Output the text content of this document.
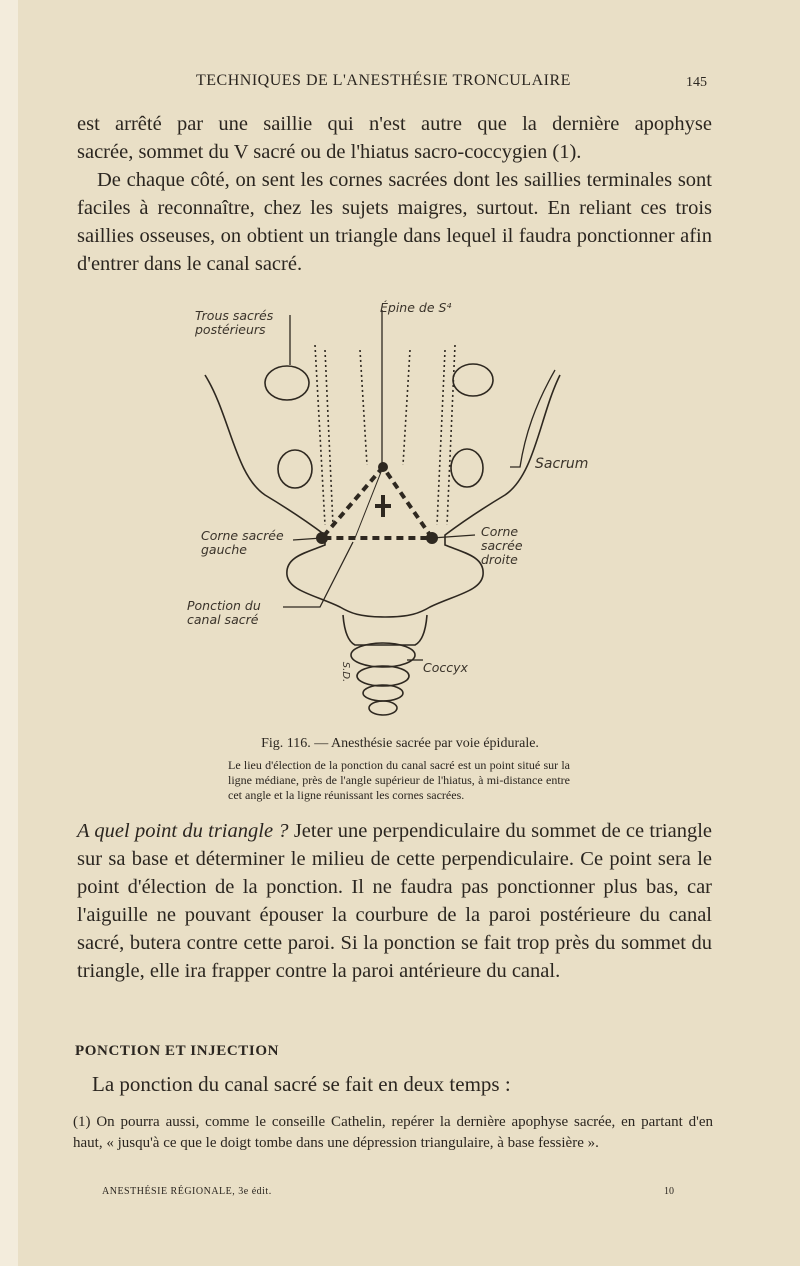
TECHNIQUES DE L'ANESTHÉSIE TRONCULAIRE	145
est arrêté par une saillie qui n'est autre que la dernière apophyse
sacrée, sommet du V sacré ou de l'hiatus sacro-coccygien (1).
De chaque côté, on sent les cornes sacrées dont les saillies terminales sont faciles à reconnaître, chez les sujets maigres, surtout. En reliant ces trois saillies osseuses, on obtient un triangle dans lequel il faudra ponctionner afin d'entrer dans le canal sacré.
Trous sacrés postérieurs
Épine de S⁴
Sacrum
Corne sacrée gauche
Corne sacrée droite
Ponction du canal sacré
Coccyx
S.D.
Fig. 116. — Anesthésie sacrée par voie épidurale.
Le lieu d'élection de la ponction du canal sacré est un point situé sur la ligne médiane, près de l'angle supérieur de l'hiatus, à mi-distance entre cet angle et la ligne réunissant les cornes sacrées.
A quel point du triangle ? Jeter une perpendiculaire du sommet de ce triangle sur sa base et déterminer le milieu de cette perpendiculaire. Ce point sera le point d'élection de la ponction. Il ne faudra pas ponctionner plus bas, car l'aiguille ne pouvant épouser la courbure de la paroi postérieure du canal sacré, butera contre cette paroi. Si la ponction se fait trop près du sommet du triangle, elle ira frapper contre la paroi antérieure du canal.
PONCTION ET INJECTION
La ponction du canal sacré se fait en deux temps :
(1) On pourra aussi, comme le conseille Cathelin, repérer la dernière apophyse sacrée, en partant d'en haut, « jusqu'à ce que le doigt tombe dans une dépression triangulaire, à base fessière ».
ANESTHÉSIE RÉGIONALE, 3e édit.	10
